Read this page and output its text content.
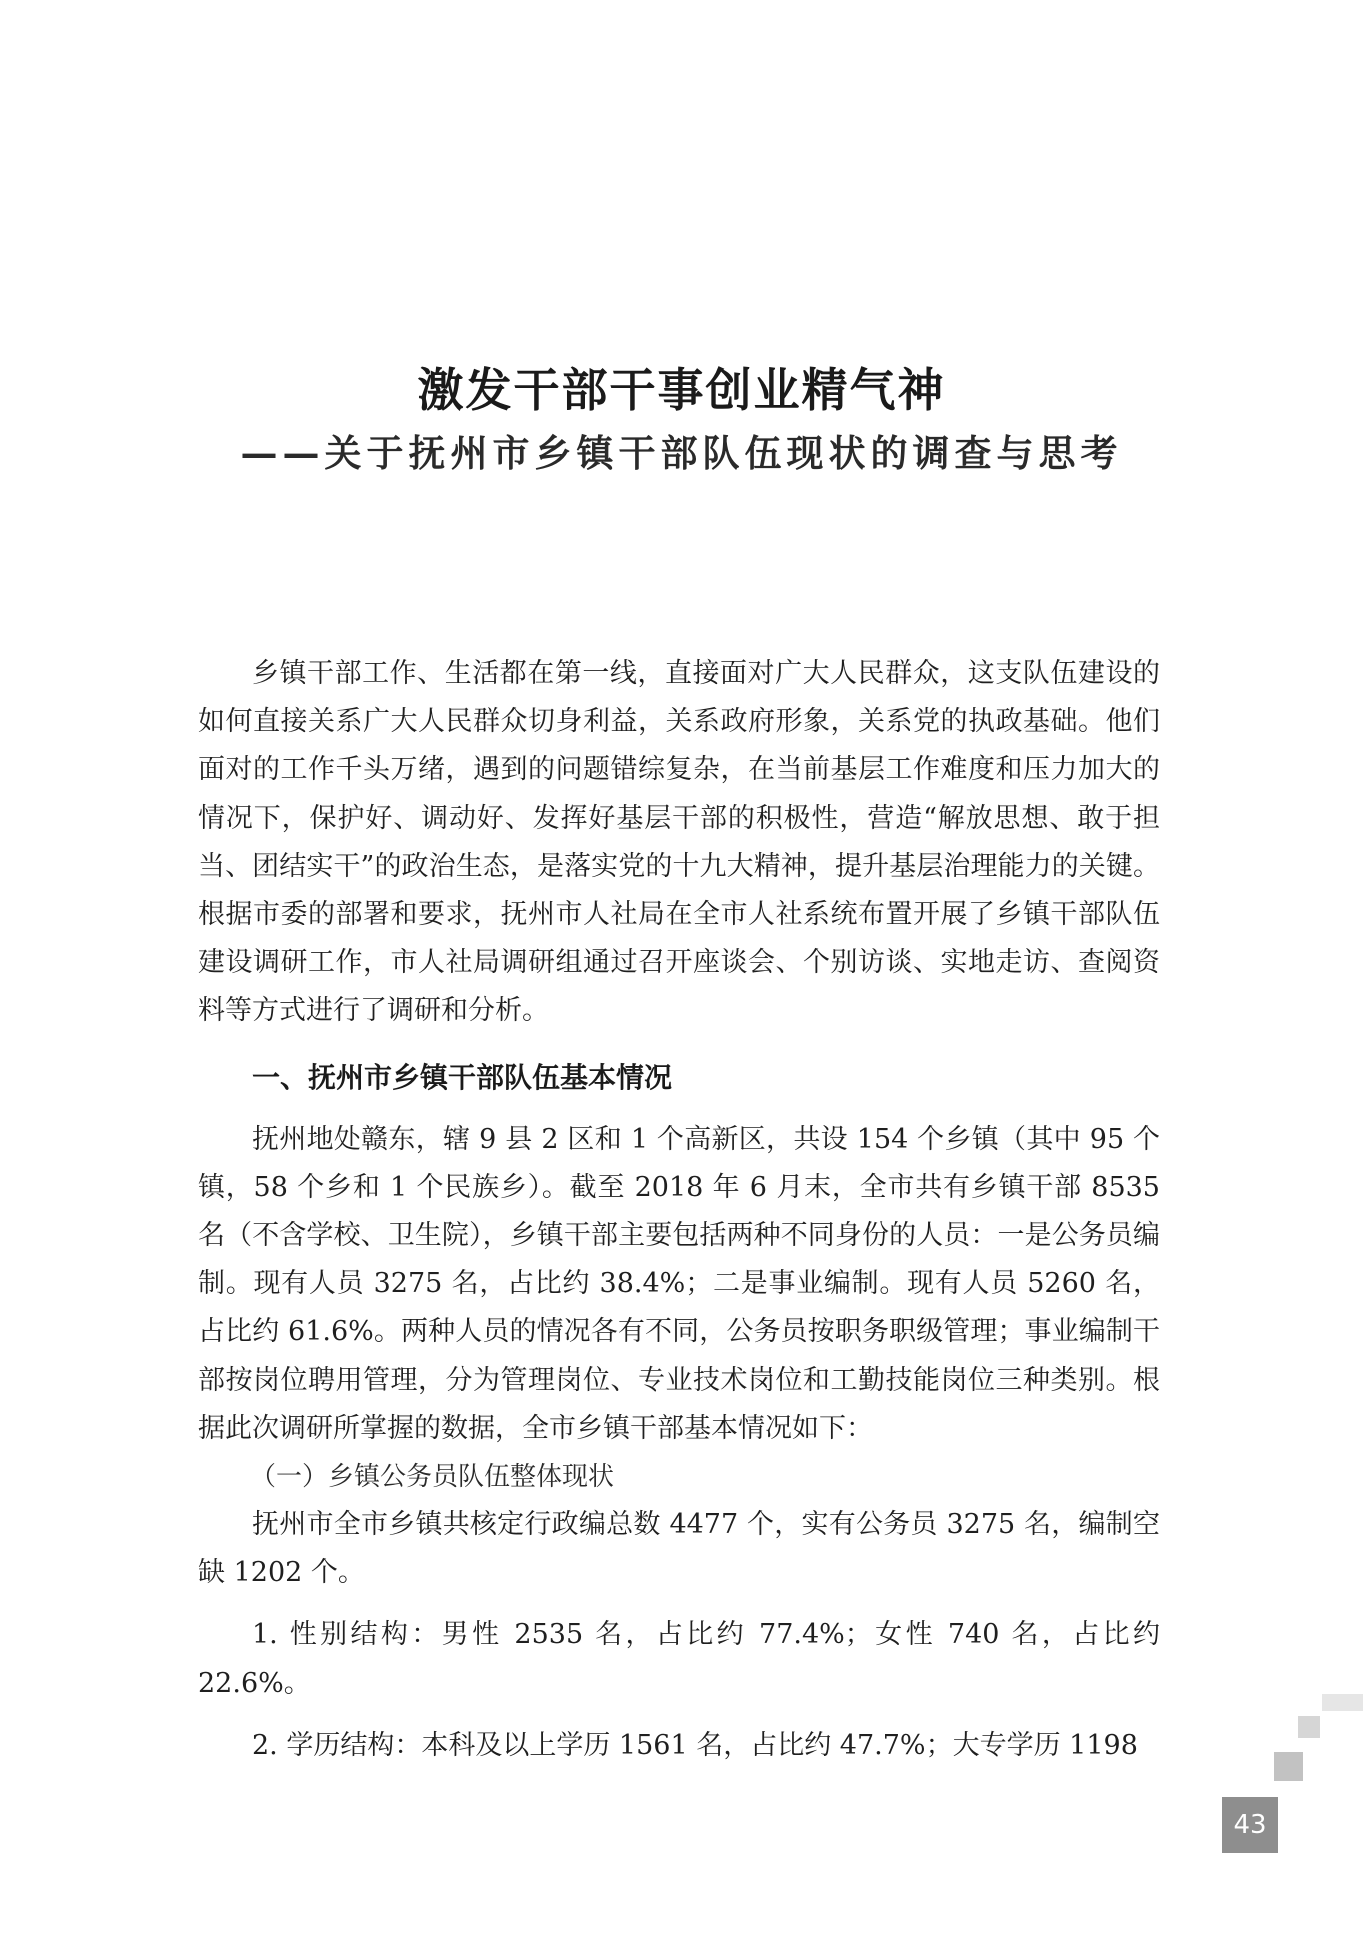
激发干部干事创业精气神
——关于抚州市乡镇干部队伍现状的调查与思考

乡镇干部工作、生活都在第一线，直接面对广大人民群众，这支队伍建设的如何直接关系广大人民群众切身利益，关系政府形象，关系党的执政基础。他们面对的工作千头万绪，遇到的问题错综复杂，在当前基层工作难度和压力加大的情况下，保护好、调动好、发挥好基层干部的积极性，营造“解放思想、敢于担当、团结实干”的政治生态，是落实党的十九大精神，提升基层治理能力的关键。根据市委的部署和要求，抚州市人社局在全市人社系统布置开展了乡镇干部队伍建设调研工作，市人社局调研组通过召开座谈会、个别访谈、实地走访、查阅资料等方式进行了调研和分析。

一、抚州市乡镇干部队伍基本情况

抚州地处赣东，辖 9 县 2 区和 1 个高新区，共设 154 个乡镇（其中 95 个镇，58 个乡和 1 个民族乡）。截至 2018 年 6 月末，全市共有乡镇干部 8535 名（不含学校、卫生院），乡镇干部主要包括两种不同身份的人员：一是公务员编制。现有人员 3275 名，占比约 38.4%；二是事业编制。现有人员 5260 名，占比约 61.6%。两种人员的情况各有不同，公务员按职务职级管理；事业编制干部按岗位聘用管理，分为管理岗位、专业技术岗位和工勤技能岗位三种类别。根据此次调研所掌握的数据，全市乡镇干部基本情况如下：

（一）乡镇公务员队伍整体现状

抚州市全市乡镇共核定行政编总数 4477 个，实有公务员 3275 名，编制空缺 1202 个。

1. 性别结构：男性 2535 名，占比约 77.4%；女性 740 名，占比约 22.6%。

2. 学历结构：本科及以上学历 1561 名，占比约 47.7%；大专学历 1198

43
